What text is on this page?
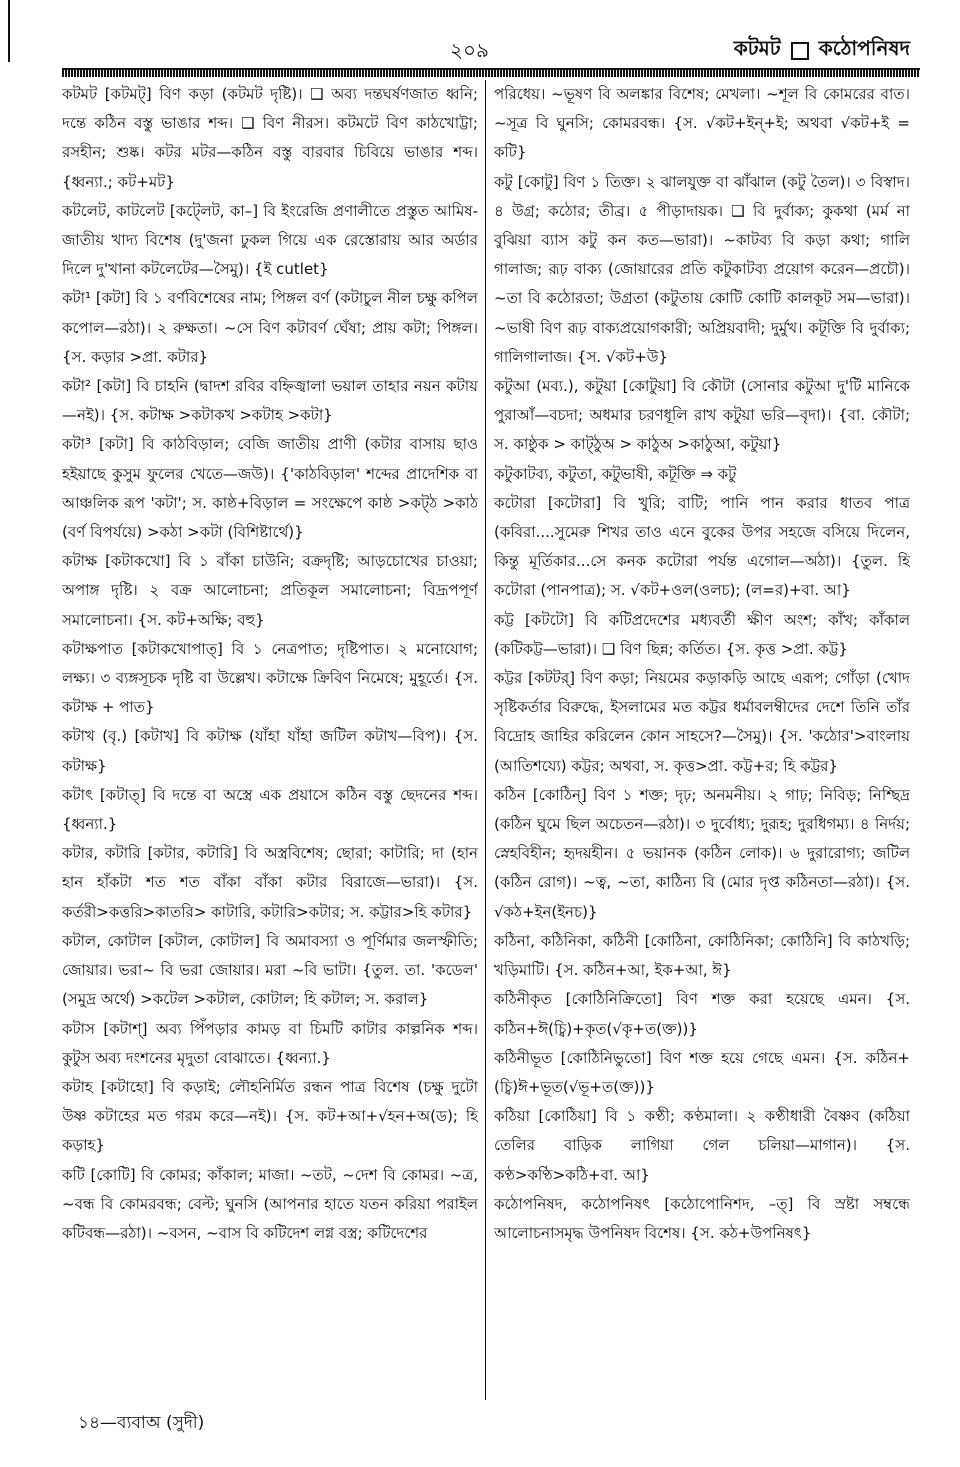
২০৯	কটমট কঠোপনিষদ

কটমট [কটমট্] বিণ কড়া (কটমট দৃষ্টি)। ❑ অব্য দন্তঘর্ষণজাত ধ্বনি; দন্তে কঠিন বস্তু ভাঙার শব্দ। ❑ বিণ নীরস। কটমটে বিণ কাঠখোট্টা; রসহীন; শুষ্ক। কটর মটর—কঠিন বস্তু বারবার চিবিয়ে ভাঙার শব্দ। {ধ্বন্যা.; কট+মট}

কটলেট, কাটলেট [কট্লেট, কা–] বি ইংরেজি প্রণালীতে প্রস্তুত আমিষ-জাতীয় খাদ্য বিশেষ (দু'জনা ঢুকল গিয়ে এক রেস্তোরায় আর অর্ডার দিলে দু'খানা কটলেটের—সৈমু)। {ই cutlet}

কটা¹ [কটা] বি ১ বর্ণবিশেষের নাম; পিঙ্গল বর্ণ (কটাচুল নীল চক্ষু কপিল কপোল—রঠা)। ২ রুক্ষতা। ~সে বিণ কটাবর্ণ ঘেঁষা; প্রায় কটা; পিঙ্গল। {স. কড়ার >প্রা. কটার}

কটা² [কটা] বি চাহনি (দ্বাদশ রবির বহ্নিজ্বালা ভয়াল তাহার নয়ন কটায়—নই)। {স. কটাক্ষ >কটাকখ >কটাহ >কটা}

কটা³ [কটা] বি কাঠবিড়াল; বেজি জাতীয় প্রাণী (কটার বাসায় ছাও হইয়াছে কুসুম ফুলের খেতে—জউ)। {'কাঠবিড়াল' শব্দের প্রাদেশিক বা আঞ্চলিক রূপ 'কটা'; স. কাষ্ঠ+বিড়াল = সংক্ষেপে কাষ্ঠ >কট্ঠ >কাঠ (বর্ণ বিপর্যয়ে) >কঠা >কটা (বিশিষ্টার্থে)}

কটাক্ষ [কটাকখো] বি ১ বাঁকা চাউনি; বক্রদৃষ্টি; আড়চোখের চাওয়া; অপাঙ্গ দৃষ্টি। ২ বক্র আলোচনা; প্রতিকূল সমালোচনা; বিদ্রূপপূর্ণ সমালোচনা। {স. কট+অক্ষি; বহু}

কটাক্ষপাত [কটাকখোপাত্] বি ১ নেত্রপাত; দৃষ্টিপাত। ২ মনোযোগ; লক্ষ্য। ৩ ব্যঙ্গসূচক দৃষ্টি বা উল্লেখ। কটাক্ষে ক্রিবিণ নিমেষে; মুহূর্তে। {স. কটাক্ষ + পাত}

কটাখ (বৃ.) [কটাখ] বি কটাক্ষ (যাঁহা যাঁহা জটিল কটাখ—বিপ)। {স. কটাক্ষ}

কটাৎ [কটাত্] বি দন্তে বা অস্ত্রে এক প্রয়াসে কঠিন বস্তু ছেদনের শব্দ। {ধ্বন্যা.}

কটার, কটারি [কটার, কটারি] বি অস্ত্রবিশেষ; ছোরা; কাটারি; দা (হান হান হাঁকটা শত শত বাঁকা বাঁকা কটার বিরাজে—ভারা)। {স. কর্তরী>কত্তরি>কাতরি> কাটারি, কটারি>কটার; স. কট্টার>হি কটার}

কটাল, কোটাল [কটাল, কোটাল] বি অমাবস্যা ও পূর্ণিমার জলস্ফীতি; জোয়ার। ভরা~ বি ভরা জোয়ার। মরা ~বি ভাটা। {তুল. তা. 'কডেল' (সমুদ্র অর্থে) >কটেল >কটাল, কোটাল; হি কটাল; স. করাল}

কটাস [কটাশ্] অব্য পিঁপড়ার কামড় বা চিমটি কাটার কাল্পনিক শব্দ। কুটুস অব্য দংশনের মৃদুতা বোঝাতে। {ধ্বন্যা.}

কটাহ [কটাহো] বি কড়াই; লৌহনির্মিত রন্ধন পাত্র বিশেষ (চক্ষু দুটো উষ্ণ কটাহের মত গরম করে—নই)। {স. কট+আ+√হন+অ(ড); হি কড়াহ}

কটি [কোটি] বি কোমর; কাঁকাল; মাজা। ~তট, ~দেশ বি কোমর। ~ত্র, ~বন্ধ বি কোমরবন্ধ; বেল্ট; ঘুনসি (আপনার হাতে যতন করিয়া পরাইল কটিবন্ধ—রঠা)। ~বসন, ~বাস বি কটিদেশ লগ্ন বস্ত্র; কটিদেশের

পরিধেয়। ~ভূষণ বি অলঙ্কার বিশেষ; মেখলা। ~শূল বি কোমরের বাত। ~সূত্র বি ঘুনসি; কোমরবন্ধ। {স. √কট+ইন্+ই; অথবা √কট+ই = কটি}

কটু [কোটু] বিণ ১ তিক্ত। ২ ঝালযুক্ত বা ঝাঁঝাল (কটু তৈল)। ৩ বিস্বাদ। ৪ উগ্র; কঠোর; তীব্র। ৫ পীড়াদায়ক। ❑ বি দুর্বাক্য; কুকথা (মর্ম না বুঝিয়া ব্যাস কটু কন কত—ভারা)। ~কাটব্য বি কড়া কথা; গালি গালাজ; রূঢ় বাক্য (জোয়ারের প্রতি কটুকাটব্য প্রয়োগ করেন—প্রচৌ)। ~তা বি কঠোরতা; উগ্রতা (কটুতায় কোটি কোটি কালকূট সম—ভারা)। ~ভাষী বিণ রূঢ় বাক্যপ্রয়োগকারী; অপ্রিয়বাদী; দুর্মুখ। কটূক্তি বি দুর্বাক্য; গালিগালাজ। {স. √কট+উ}

কটুআ (মব্য.), কটুয়া [কোটুয়া] বি কৌটা (সোনার কটুআ দু'টি মানিকে পুরাআঁ—বচদা; অধমার চরণধূলি রাখ কটুয়া ভরি—বৃদা)। {বা. কৌটা; স. কাষ্ঠুক > কাট্‌ঠুঅ > কাঠুঅ >কাঠুআ, কটুয়া}

কটুকাটব্য, কটুতা, কটুভাষী, কটূক্তি ⇒ কটু

কটোরা [কটোরা] বি খুরি; বাটি; পানি পান করার ধাতব পাত্র (কবিরা....সুমেরু শিখর তাও এনে বুকের উপর সহজে বসিয়ে দিলেন, কিন্তু মূর্তিকার...সে কনক কটোরা পর্যন্ত এগোল—অঠা)। {তুল. হি কটোরা (পানপাত্র); স. √কট+ওল(ওলচ); (ল=র)+বা. আ}

কট্ট [কটটো] বি কটিপ্রদেশের মধ্যবর্তী ক্ষীণ অংশ; কাঁখ; কাঁকাল (কটিকট্ট—ভারা)। ❑ বিণ ছিন্ন; কর্তিত। {স. কৃত্ত >প্রা. কট্ট}

কট্টর [কটটর্] বিণ কড়া; নিয়মের কড়াকড়ি আছে এরূপ; গোঁড়া (খোদ সৃষ্টিকর্তার বিরুদ্ধে, ইসলামের মত কট্টর ধর্মাবলম্বীদের দেশে তিনি তাঁর বিদ্রোহ জাহির করিলেন কোন সাহসে?—সৈমু)। {স. 'কঠোর'>বাংলায় (আতিশয্যে) কট্টর; অথবা, স. কৃত্ত>প্রা. কট্ট+র; হি কট্টর}

কঠিন [কোঠিন্] বিণ ১ শক্ত; দৃঢ়; অনমনীয়। ২ গাঢ়; নিবিড়; নিশ্ছিদ্র (কঠিন ঘুমে ছিল অচেতন—রঠা)। ৩ দুর্বোধ্য; দুরূহ; দুরধিগম্য। ৪ নির্দয়; স্নেহবিহীন; হৃদয়হীন। ৫ ভয়ানক (কঠিন লোক)। ৬ দুরারোগ্য; জটিল (কঠিন রোগ)। ~ত্ব, ~তা, কাঠিন্য বি (মোর দৃপ্ত কঠিনতা—রঠা)। {স. √কঠ+ইন(ইনচ)}

কঠিনা, কঠিনিকা, কঠিনী [কোঠিনা, কোঠিনিকা; কোঠিনি] বি কাঠখড়ি; খড়িমাটি। {স. কঠিন+আ, ইক+আ, ঈ}

কঠিনীকৃত [কোঠিনিক্রিতো] বিণ শক্ত করা হয়েছে এমন। {স. কঠিন+ঈ(চ্বি)+কৃত(√কৃ+ত(ক্ত))}

কঠিনীভূত [কোঠিনিভুতো] বিণ শক্ত হয়ে গেছে এমন। {স. কঠিন+(চ্বি)ঈ+ভূত(√ভূ+ত(ক্ত))}

কঠিয়া [কোঠিয়া] বি ১ কণ্ঠী; কণ্ঠমালা। ২ কণ্ঠীধারী বৈষ্ণব (কঠিয়া তেলির বাড়িক লাগিয়া গেল চলিয়া—মাগান)। {স. কণ্ঠ>কণ্ঠি>কঠি+বা. আ}

কঠোপনিষদ, কঠোপনিষৎ [কঠোপোনিশদ, –ত্] বি স্রষ্টা সম্বন্ধে আলোচনাসমৃদ্ধ উপনিষদ বিশেষ। {স. কঠ+উপনিষৎ}

১৪—ব্যবাঅ (সুদী)
